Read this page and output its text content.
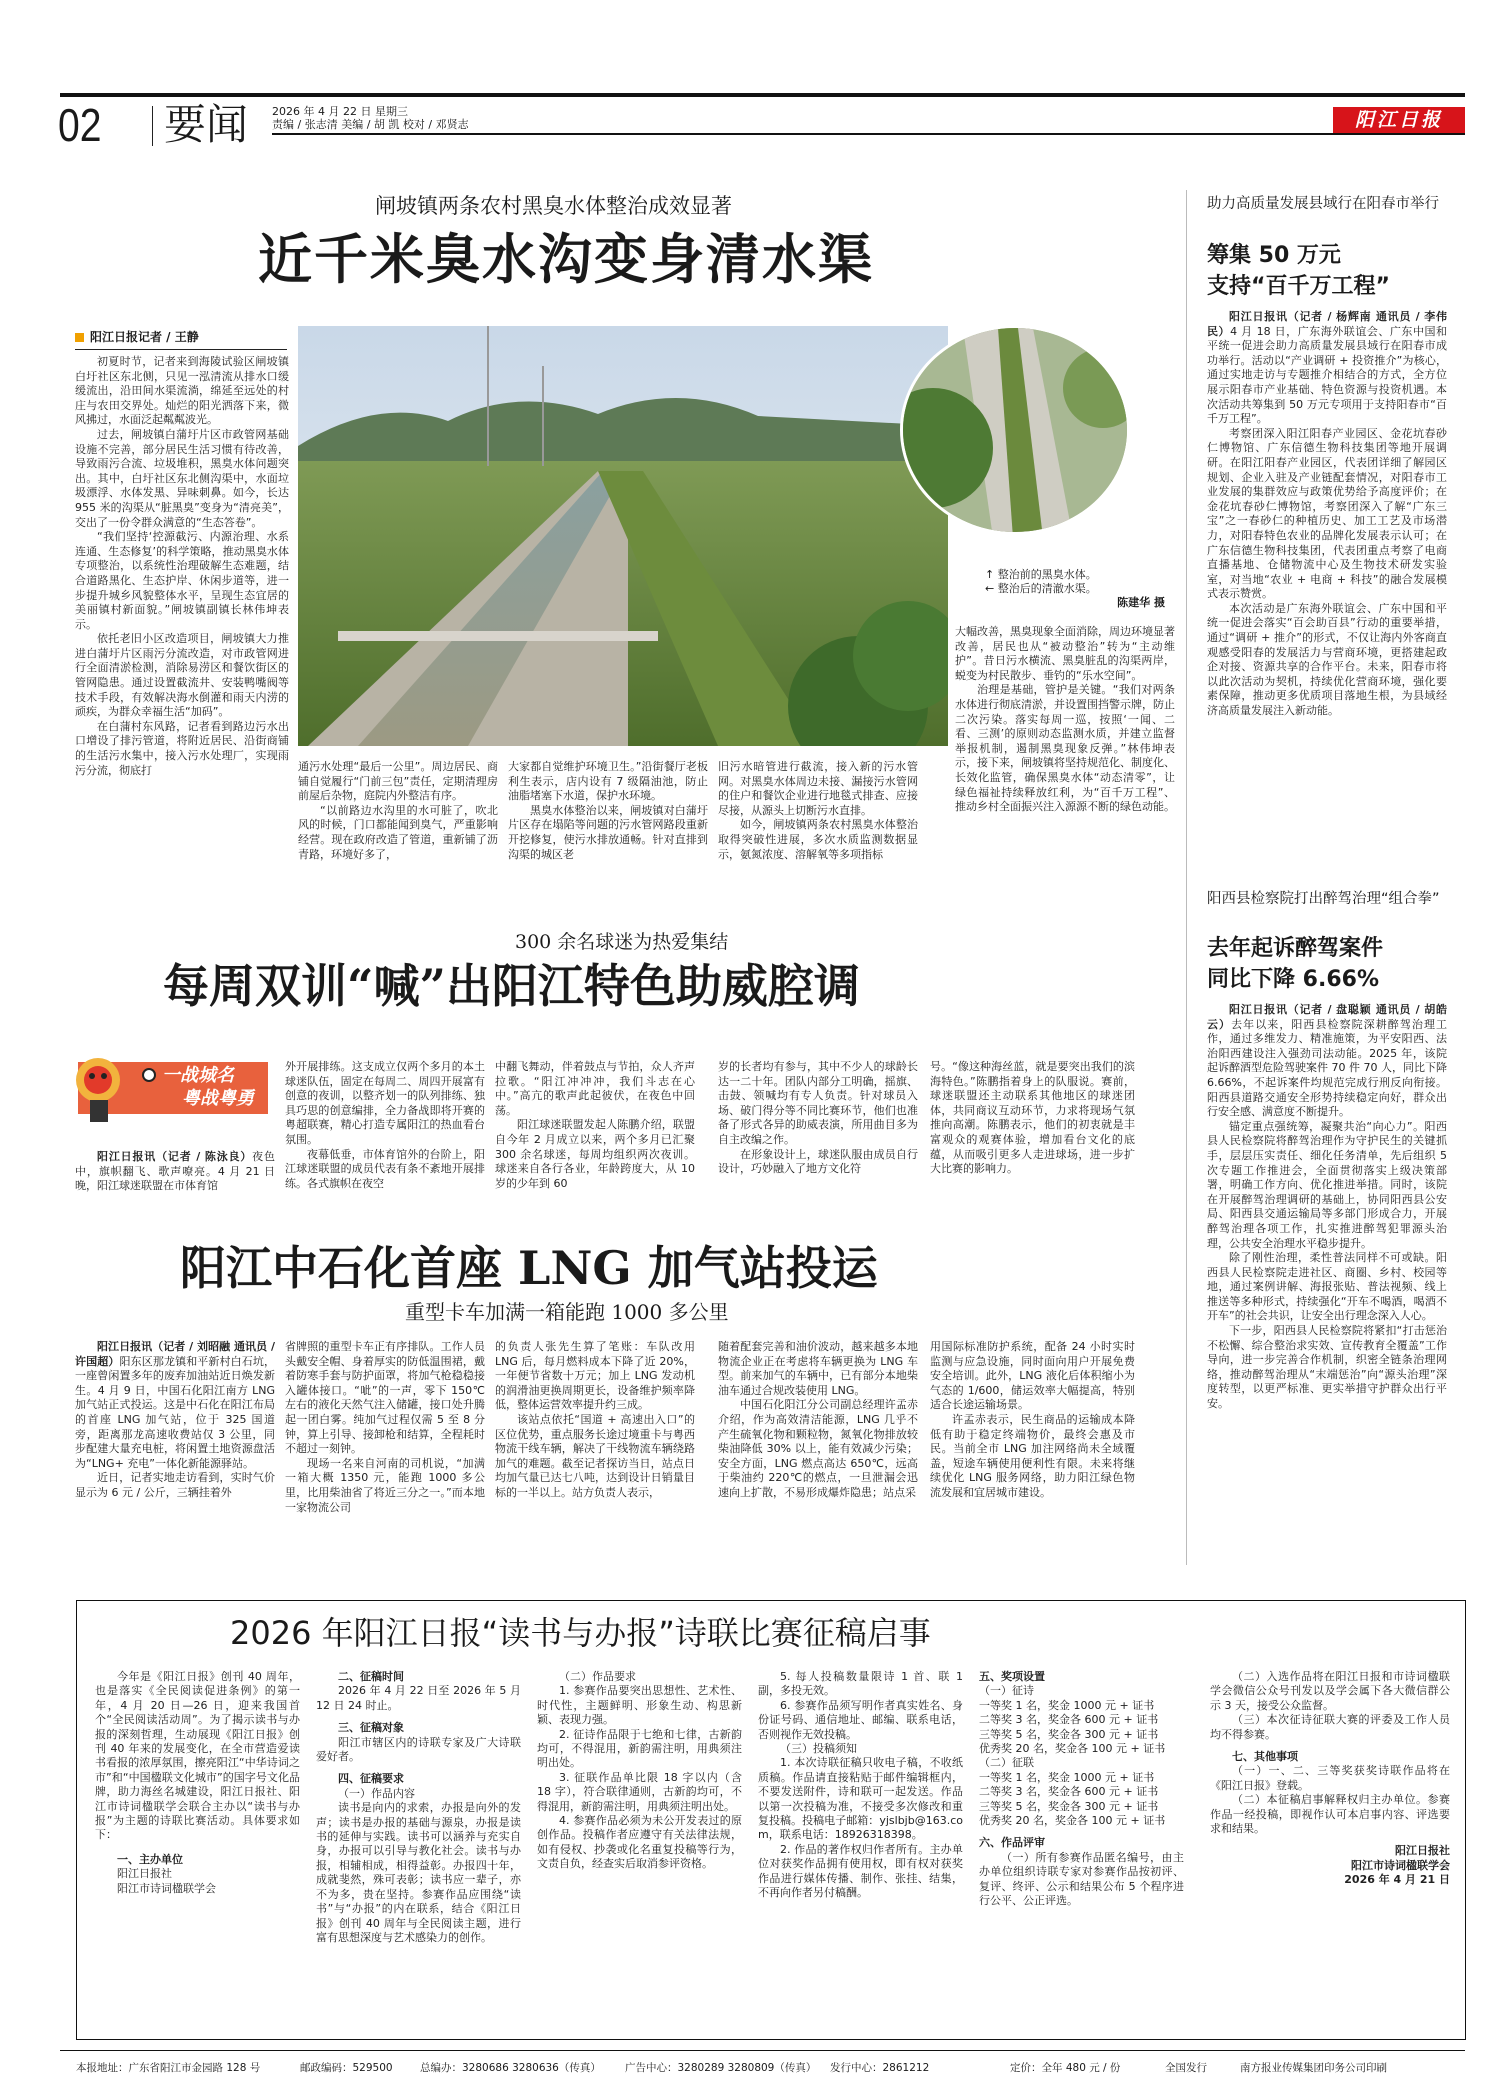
02 要闻 2026 年 4 月 22 日 星期三
责编 / 张志清 美编 / 胡 凯 校对 / 邓贤志	阳江日报
闸坡镇两条农村黑臭水体整治成效显著
近千米臭水沟变身清水渠
阳江日报记者 / 王静

初夏时节，记者来到海陵试验区闸坡镇白圩社区东北侧，只见一泓清流从排水口缓缓流出，沿田间水渠流淌，绵延至远处的村庄与农田交界处。灿烂的阳光洒落下来，微风拂过，水面泛起粼粼波光。

过去，闸坡镇白蒲圩片区市政管网基础设施不完善，部分居民生活习惯有待改善，导致雨污合流、垃圾堆积，黑臭水体问题突出。其中，白圩社区东北侧沟渠中，水面垃圾漂浮、水体发黑、异味刺鼻。如今，长达955 米的沟渠从“脏黑臭”变身为“清亮美”，交出了一份令群众满意的“生态答卷”。

“我们坚持‘控源截污、内源治理、水系连通、生态修复’的科学策略，推动黑臭水体专项整治，以系统性治理破解生态难题，结合道路黑化、生态护岸、休闲步道等，进一步提升城乡风貌整体水平，呈现生态宜居的美丽镇村新面貌。”闸坡镇副镇长林伟坤表示。

依托老旧小区改造项目，闸坡镇大力推进白蒲圩片区雨污分流改造，对市政管网进行全面清淤检测，消除易涝区和餐饮街区的管网隐患。通过设置截流井、安装鸭嘴阀等技术手段，有效解决海水倒灌和雨天内涝的顽疾，为群众幸福生活“加码”。

在白蒲村东风路，记者看到路边污水出口增设了排污管道，将附近居民、沿街商铺的生活污水集中，接入污水处理厂，实现雨污分流，彻底打

↑ 整治前的黑臭水体。
← 整治后的清澈水渠。
陈建华 摄

通污水处理“最后一公里”。周边居民、商铺自觉履行“门前三包”责任，定期清理房前屋后杂物，庭院内外整洁有序。

“以前路边水沟里的水可脏了，吹北风的时候，门口都能闻到臭气，严重影响经营。现在政府改造了管道，重新铺了沥青路，环境好多了，

大家都自觉维护环境卫生。”沿街餐厅老板利生表示，店内设有 7 级隔油池，防止油脂堵塞下水道，保护水环境。

黑臭水体整治以来，闸坡镇对白蒲圩片区存在塌陷等问题的污水管网路段重新开挖修复，使污水排放通畅。针对直排到沟渠的城区老

旧污水暗管进行截流，接入新的污水管网。对黑臭水体周边未接、漏接污水管网的住户和餐饮企业进行地毯式排查、应接尽接，从源头上切断污水直排。

如今，闸坡镇两条农村黑臭水体整治取得突破性进展，多次水质监测数据显示，氨氮浓度、溶解氧等多项指标

大幅改善，黑臭现象全面消除，周边环境显著改善，居民也从“被动整治”转为“主动维护”。昔日污水横流、黑臭脏乱的沟渠两岸，蜕变为村民散步、垂钓的“乐水空间”。

治理是基础，管护是关键。“我们对两条水体进行彻底清淤，并设置围挡警示牌，防止二次污染。落实每周一巡，按照‘一闻、二看、三测’的原则动态监测水质，并建立监督举报机制，遏制黑臭现象反弹。”林伟坤表示，接下来，闸坡镇将坚持规范化、制度化、长效化监管，确保黑臭水体“动态清零”，让绿色福祉持续释放红利，为“百千万工程”、推动乡村全面振兴注入源源不断的绿色动能。

助力高质量发展县域行在阳春市举行
筹集 50 万元
支持“百千万工程”

阳江日报讯（记者 / 杨辉南 通讯员 / 李伟民）4 月 18 日，广东海外联谊会、广东中国和平统一促进会助力高质量发展县域行在阳春市成功举行。活动以“产业调研 + 投资推介”为核心，通过实地走访与专题推介相结合的方式，全方位展示阳春市产业基础、特色资源与投资机遇。本次活动共筹集到 50 万元专项用于支持阳春市“百千万工程”。

考察团深入阳江阳春产业园区、金花坑春砂仁博物馆、广东信德生物科技集团等地开展调研。在阳江阳春产业园区，代表团详细了解园区规划、企业入驻及产业链配套情况，对阳春市工业发展的集群效应与政策优势给予高度评价；在金花坑春砂仁博物馆，考察团深入了解“广东三宝”之一春砂仁的种植历史、加工工艺及市场潜力，对阳春特色农业的品牌化发展表示认可；在广东信德生物科技集团，代表团重点考察了电商直播基地、仓储物流中心及生物技术研发实验室，对当地“农业 + 电商 + 科技”的融合发展模式表示赞赏。

本次活动是广东海外联谊会、广东中国和平统一促进会落实“百会助百县”行动的重要举措，通过“调研 + 推介”的形式，不仅让海内外客商直观感受阳春的发展活力与营商环境，更搭建起政企对接、资源共享的合作平台。未来，阳春市将以此次活动为契机，持续优化营商环境，强化要素保障，推动更多优质项目落地生根，为县域经济高质量发展注入新动能。

阳西县检察院打出醉驾治理“组合拳”
去年起诉醉驾案件
同比下降 6.66%

阳江日报讯（记者 / 盘聪颖 通讯员 / 胡皓云）去年以来，阳西县检察院深耕醉驾治理工作，通过多维发力、精准施策，为平安阳西、法治阳西建设注入强劲司法动能。2025 年，该院起诉醉酒型危险驾驶案件 70 件 70 人，同比下降 6.66%，不起诉案件均规范完成行刑反向衔接。阳西县道路交通安全形势持续稳定向好，群众出行安全感、满意度不断提升。

锚定重点强统筹，凝聚共治“向心力”。阳西县人民检察院将醉驾治理作为守护民生的关键抓手，层层压实责任、细化任务清单，先后组织 5 次专题工作推进会，全面贯彻落实上级决策部署，明确工作方向、优化推进举措。同时，该院在开展醉驾治理调研的基础上，协同阳西县公安局、阳西县交通运输局等多部门形成合力，开展醉驾治理各项工作，扎实推进醉驾犯罪源头治理，公共安全治理水平稳步提升。

除了刚性治理，柔性普法同样不可或缺。阳西县人民检察院走进社区、商圈、乡村、校园等地，通过案例讲解、海报张贴、普法视频、线上推送等多种形式，持续强化“开车不喝酒，喝酒不开车”的社会共识，让安全出行理念深入人心。

下一步，阳西县人民检察院将紧扣“打击惩治不松懈、综合整治求实效、宣传教育全覆盖”工作导向，进一步完善合作机制，织密全链条治理网络，推动醉驾治理从“末端惩治”向“源头治理”深度转型，以更严标准、更实举措守护群众出行平安。

300 余名球迷为热爱集结
每周双训“喊”出阳江特色助威腔调
一战城名
粤战粤勇

阳江日报讯（记者 / 陈泳良）夜色中，旗帜翻飞、歌声嘹亮。4 月 21 日晚，阳江球迷联盟在市体育馆

外开展排练。这支成立仅两个多月的本土球迷队伍，固定在每周二、周四开展富有创意的夜训，以整齐划一的队列排练、独具巧思的创意编排，全力备战即将开赛的粤超联赛，精心打造专属阳江的热血看台氛围。

夜幕低垂，市体育馆外的台阶上，阳江球迷联盟的成员代表有条不紊地开展排练。各式旗帜在夜空

中翻飞舞动，伴着鼓点与节拍，众人齐声拉歌。“阳江冲冲冲，我们斗志在心中。”高亢的歌声此起彼伏，在夜色中回荡。

阳江球迷联盟发起人陈鹏介绍，联盟自今年 2 月成立以来，两个多月已汇聚 300 余名球迷，每周均组织两次夜训。球迷来自各行各业，年龄跨度大，从 10 岁的少年到 60

岁的长者均有参与，其中不少人的球龄长达一二十年。团队内部分工明确，摇旗、击鼓、领喊均有专人负责。针对球员入场、破门得分等不同比赛环节，他们也准备了形式各异的助威表演，所用曲目多为自主改编之作。

在形象设计上，球迷队服由成员自行设计，巧妙融入了地方文化符

号。“像这种海丝蓝，就是要突出我们的滨海特色。”陈鹏指着身上的队服说。赛前，球迷联盟还主动联系其他地区的球迷团体，共同商议互动环节，力求将现场气氛推向高潮。陈鹏表示，他们的初衷就是丰富观众的观赛体验，增加看台文化的底蕴，从而吸引更多人走进球场，进一步扩大比赛的影响力。

阳江中石化首座 LNG 加气站投运
重型卡车加满一箱能跑 1000 多公里

阳江日报讯（记者 / 刘昭融 通讯员 / 许国超）阳东区那龙镇和平新村白石坑，一座曾闲置多年的废弃加油站近日焕发新生。4 月 9 日，中国石化阳江南方 LNG 加气站正式投运。这是中石化在阳江布局的首座 LNG 加气站，位于 325 国道旁，距离那龙高速收费站仅 3 公里，同步配建大量充电桩，将闲置土地资源盘活为“LNG+ 充电”一体化新能源驿站。

近日，记者实地走访看到，实时气价显示为 6 元 / 公斤，三辆挂着外

省牌照的重型卡车正有序排队。工作人员头戴安全帽、身着厚实的防低温围裙，戴着防寒手套与防护面罩，将加气枪稳稳接入罐体接口。“呲”的一声，零下 150℃左右的液化天然气注入储罐，接口处升腾起一团白雾。纯加气过程仅需 5 至 8 分钟，算上引导、接卸枪和结算，全程耗时不超过一刻钟。

现场一名来自河南的司机说，“加满一箱大概 1350 元，能跑 1000 多公里，比用柴油省了将近三分之一。”而本地一家物流公司

的负责人张先生算了笔账：车队改用 LNG 后，每月燃料成本下降了近 20%，一年便节省数十万元；加上 LNG 发动机的润滑油更换周期更长，设备维护频率降低，整体运营效率提升约三成。

该站点依托“国道 + 高速出入口”的区位优势，重点服务长途过境重卡与粤西物流干线车辆，解决了干线物流车辆绕路加气的难题。截至记者探访当日，站点日均加气量已达七八吨，达到设计日销量目标的一半以上。站方负责人表示，

随着配套完善和油价波动，越来越多本地物流企业正在考虑将车辆更换为 LNG 车型。前来加气的车辆中，已有部分本地柴油车通过合规改装使用 LNG。

中国石化阳江分公司副总经理许孟赤介绍，作为高效清洁能源，LNG 几乎不产生硫氧化物和颗粒物，氮氧化物排放较柴油降低 30% 以上，能有效减少污染；安全方面，LNG 燃点高达 650℃，远高于柴油约 220℃的燃点，一旦泄漏会迅速向上扩散，不易形成爆炸隐患；站点采

用国际标准防护系统，配备 24 小时实时监测与应急设施，同时面向用户开展免费安全培训。此外，LNG 液化后体积缩小为气态的 1/600，储运效率大幅提高，特别适合长途运输场景。

许孟赤表示，民生商品的运输成本降低有助于稳定终端物价，最终会惠及市民。当前全市 LNG 加注网络尚未全域覆盖，短途车辆使用便利性有限。未来将继续优化 LNG 服务网络，助力阳江绿色物流发展和宜居城市建设。

2026 年阳江日报“读书与办报”诗联比赛征稿启事

今年是《阳江日报》创刊 40 周年，也是落实《全民阅读促进条例》的第一年，4 月 20 日—26 日，迎来我国首个“全民阅读活动周”。为了揭示读书与办报的深刻哲理，生动展现《阳江日报》创刊 40 年来的发展变化，在全市营造爱读书看报的浓厚氛围，擦亮阳江“中华诗词之市”和“中国楹联文化城市”的国字号文化品牌，助力海丝名城建设，阳江日报社、阳江市诗词楹联学会联合主办以“读书与办报”为主题的诗联比赛活动。具体要求如下：

一、主办单位

阳江日报社

阳江市诗词楹联学会

二、征稿时间

2026 年 4 月 22 日至 2026 年 5 月 12 日 24 时止。

三、征稿对象

阳江市辖区内的诗联专家及广大诗联爱好者。

四、征稿要求

（一）作品内容

读书是向内的求索，办报是向外的发声；读书是办报的基础与源泉，办报是读书的延伸与实践。读书可以涵养与充实自身，办报可以引导与教化社会。读书与办报，相辅相成，相得益彰。办报四十年，成就斐然，殊可表彰；读书应一辈子，亦不为多，贵在坚持。参赛作品应围绕“读书”与“办报”的内在联系，结合《阳江日报》创刊 40 周年与全民阅读主题，进行富有思想深度与艺术感染力的创作。

（二）作品要求

1. 参赛作品要突出思想性、艺术性、时代性，主题鲜明、形象生动、构思新颖、表现力强。

2. 征诗作品限于七绝和七律，古新韵均可，不得混用，新韵需注明，用典须注明出处。

3. 征联作品单比限 18 字以内（含 18 字），符合联律通则，古新韵均可，不得混用，新韵需注明，用典须注明出处。

4. 参赛作品必须为未公开发表过的原创作品。投稿作者应遵守有关法律法规，如有侵权、抄袭或化名重复投稿等行为，文责自负，经查实后取消参评资格。

5. 每人投稿数量限诗 1 首、联 1 副，多投无效。

6. 参赛作品须写明作者真实姓名、身份证号码、通信地址、邮编、联系电话，否则视作无效投稿。

（三）投稿须知

1. 本次诗联征稿只收电子稿，不收纸质稿。作品请直接粘贴于邮件编辑框内，不要发送附件，诗和联可一起发送。作品以第一次投稿为准，不接受多次修改和重复投稿。投稿电子邮箱：yjslbjb@163.com，联系电话：18926318398。

2. 作品的著作权归作者所有。主办单位对获奖作品拥有使用权，即有权对获奖作品进行媒体传播、制作、张挂、结集，不再向作者另付稿酬。

五、奖项设置

（一）征诗

一等奖 1 名，奖金 1000 元 + 证书

二等奖 3 名，奖金各 600 元 + 证书

三等奖 5 名，奖金各 300 元 + 证书

优秀奖 20 名，奖金各 100 元 + 证书

（二）征联

一等奖 1 名，奖金 1000 元 + 证书

二等奖 3 名，奖金各 600 元 + 证书

三等奖 5 名，奖金各 300 元 + 证书

优秀奖 20 名，奖金各 100 元 + 证书

六、作品评审

（一）所有参赛作品匿名编号，由主办单位组织诗联专家对参赛作品按初评、复评、终评、公示和结果公布 5 个程序进行公平、公正评选。

（二）入选作品将在阳江日报和市诗词楹联学会微信公众号刊发以及学会属下各大微信群公示 3 天，接受公众监督。

（三）本次征诗征联大赛的评委及工作人员均不得参赛。

七、其他事项

（一）一、二、三等奖获奖诗联作品将在《阳江日报》登载。

（二）本征稿启事解释权归主办单位。参赛作品一经投稿，即视作认可本启事内容、评选要求和结果。

阳江日报社
阳江市诗词楹联学会
2026 年 4 月 21 日
本报地址：广东省阳江市金园路 128 号	邮政编码：529500	总编办：3280686 3280636（传真） 广告中心：3280289 3280809（传真） 发行中心：2861212	定价：全年 480 元 / 份	全国发行	南方报业传媒集团印务公司印刷
